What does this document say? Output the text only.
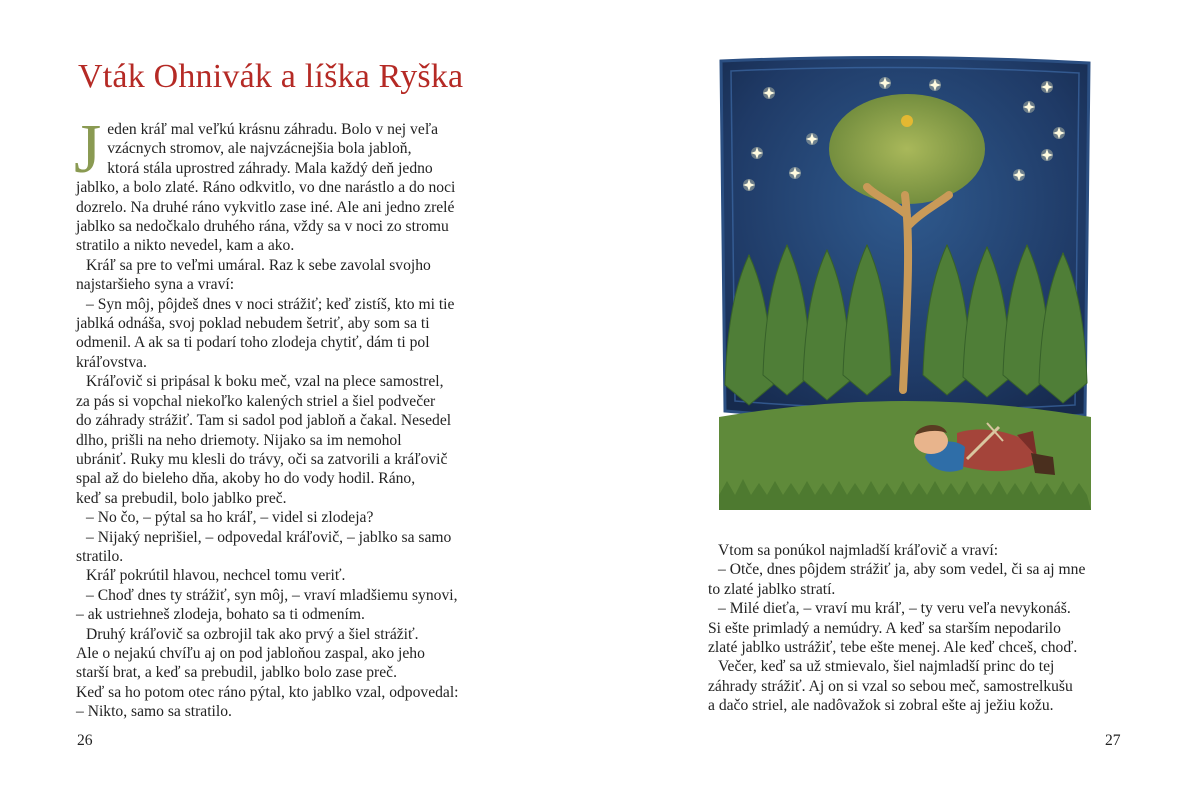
Vták Ohnivák a líška Ryška
J eden kráľ mal veľkú krásnu záhradu. Bolo v nej veľa

vzácnych stromov, ale najvzácnejšia bola jabloň,

ktorá stála uprostred záhrady. Mala každý deň jedno

jablko, a bolo zlaté. Ráno odkvitlo, vo dne narástlo a do noci

dozrelo. Na druhé ráno vykvitlo zase iné. Ale ani jedno zrelé

jablko sa nedočkalo druhého rána, vždy sa v noci zo stromu

stratilo a nikto nevedel, kam a ako.

Kráľ sa pre to veľmi umáral. Raz k sebe zavolal svojho

najstaršieho syna a vraví:

– Syn môj, pôjdeš dnes v noci strážiť; keď zistíš, kto mi tie

jablká odnáša, svoj poklad nebudem šetriť, aby som sa ti

odmenil. A ak sa ti podarí toho zlodeja chytiť, dám ti pol

kráľovstva.

Kráľovič si pripásal k boku meč, vzal na plece samostrel,

za pás si vopchal niekoľko kalených striel a šiel podvečer

do záhrady strážiť. Tam si sadol pod jabloň a čakal. Nesedel

dlho, prišli na neho driemoty. Nijako sa im nemohol

ubrániť. Ruky mu klesli do trávy, oči sa zatvorili a kráľovič

spal až do bieleho dňa, akoby ho do vody hodil. Ráno,

keď sa prebudil, bolo jablko preč.

– No čo, – pýtal sa ho kráľ, – videl si zlodeja?

– Nijaký neprišiel, – odpovedal kráľovič, – jablko sa samo

stratilo.

Kráľ pokrútil hlavou, nechcel tomu veriť.

– Choď dnes ty strážiť, syn môj, – vraví mladšiemu synovi,

– ak ustriehneš zlodeja, bohato sa ti odmením.

Druhý kráľovič sa ozbrojil tak ako prvý a šiel strážiť.

Ale o nejakú chvíľu aj on pod jabloňou zaspal, ako jeho

starší brat, a keď sa prebudil, jablko bolo zase preč.

Keď sa ho potom otec ráno pýtal, kto jablko vzal, odpovedal:

– Nikto, samo sa stratilo.

26

Vtom sa ponúkol najmladší kráľovič a vraví:

– Otče, dnes pôjdem strážiť ja, aby som vedel, či sa aj mne

to zlaté jablko stratí.

– Milé dieťa, – vraví mu kráľ, – ty veru veľa nevykonáš.

Si ešte primladý a nemúdry. A keď sa starším nepodarilo

zlaté jablko ustrážiť, tebe ešte menej. Ale keď chceš, choď.

Večer, keď sa už stmievalo, šiel najmladší princ do tej

záhrady strážiť. Aj on si vzal so sebou meč, samostrelkušu

a dačo striel, ale nadôvažok si zobral ešte aj ježiu kožu.

27
